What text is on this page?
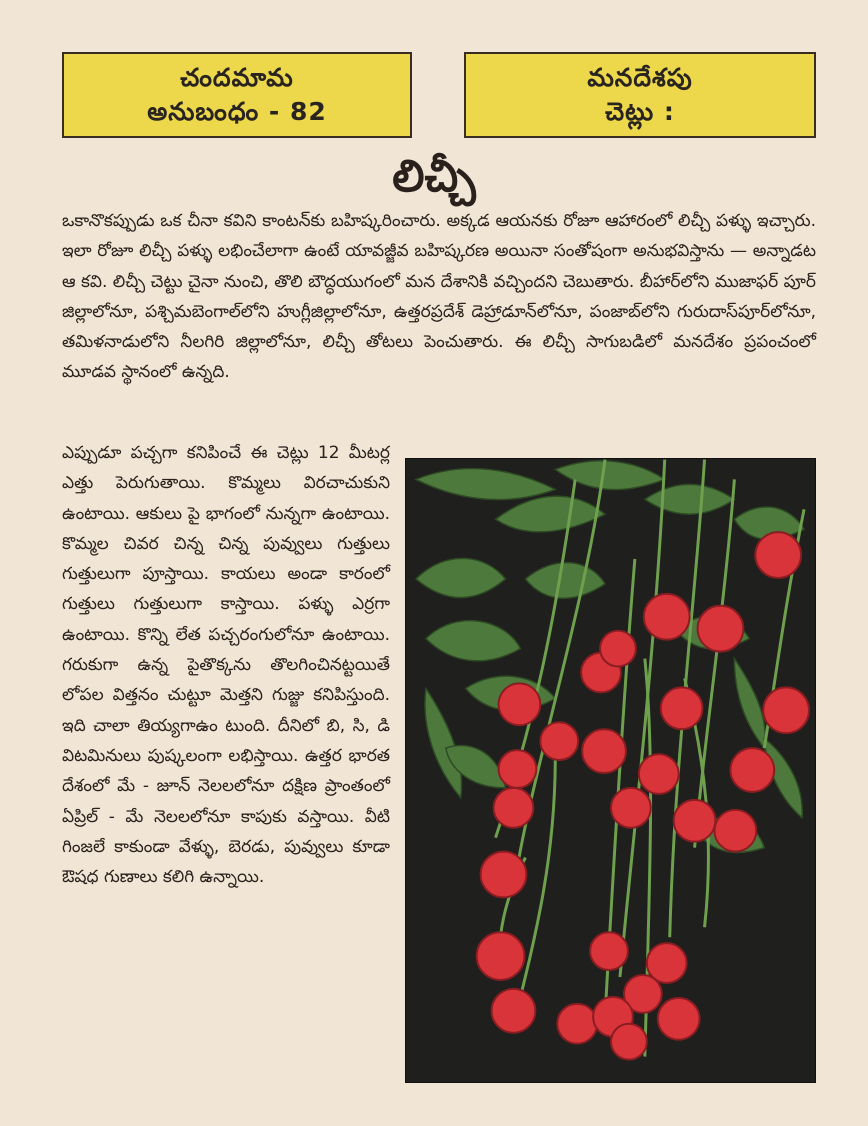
చందమామ
అనుబంధం - 82
మనదేశపు
చెట్లు :
లిచ్చీ
ఒకానొకప్పుడు ఒక చీనా కవిని కాంటన్‌కు బహిష్కరించారు. అక్కడ ఆయనకు రోజూ ఆహారంలో లిచ్చీ పళ్ళు ఇచ్చారు. ఇలా రోజూ లిచ్చీ పళ్ళు లభించేలాగా ఉంటే యావజ్జీవ బహిష్కరణ అయినా సంతోషంగా అనుభవిస్తాను — అన్నాడట ఆ కవి. లిచ్చీ చెట్టు చైనా నుంచి, తొలి బౌద్ధయుగంలో మన దేశానికి వచ్చిందని చెబుతారు. బీహార్‌లోని ముజాఫర్ పూర్ జిల్లాలోనూ, పశ్చిమబెంగాల్‌లోని హుగ్లీజిల్లాలోనూ, ఉత్తరప్రదేశ్ డెహ్రాడూన్‌లోనూ, పంజాబ్‌లోని గురుదాస్‌పూర్‌లోనూ, తమిళనాడులోని నీలగిరి జిల్లాలోనూ, లిచ్చీ తోటలు పెంచుతారు. ఈ లిచ్చీ సాగుబడిలో మనదేశం ప్రపంచంలో మూడవ స్థానంలో ఉన్నది.
ఎప్పుడూ పచ్చగా కనిపించే ఈ చెట్లు 12 మీటర్ల ఎత్తు పెరుగుతాయి. కొమ్మలు విరచాచుకుని ఉంటాయి. ఆకులు పై భాగంలో నున్నగా ఉంటాయి. కొమ్మల చివర చిన్న చిన్న పువ్వులు గుత్తులు గుత్తులుగా పూస్తాయి. కాయలు అండా కారంలో గుత్తులు గుత్తులుగా కాస్తాయి. పళ్ళు ఎర్రగా ఉంటాయి. కొన్ని లేత పచ్చరంగులోనూ ఉంటాయి. గరుకుగా ఉన్న పైతొక్కను తొలగించినట్టయితే లోపల విత్తనం చుట్టూ మెత్తని గుజ్జు కనిపిస్తుంది. ఇది చాలా తియ్యగాఉం టుంది. దీనిలో బి, సి, డి విటమినులు పుష్కలంగా లభిస్తాయి. ఉత్తర భారత దేశంలో మే - జూన్ నెలలలోనూ దక్షిణ ప్రాంతంలో ఏప్రిల్ - మే నెలలలోనూ కాపుకు వస్తాయి. వీటి గింజలే కాకుండా వేళ్ళు, బెరడు, పువ్వులు కూడా ఔషధ గుణాలు కలిగి ఉన్నాయి.
